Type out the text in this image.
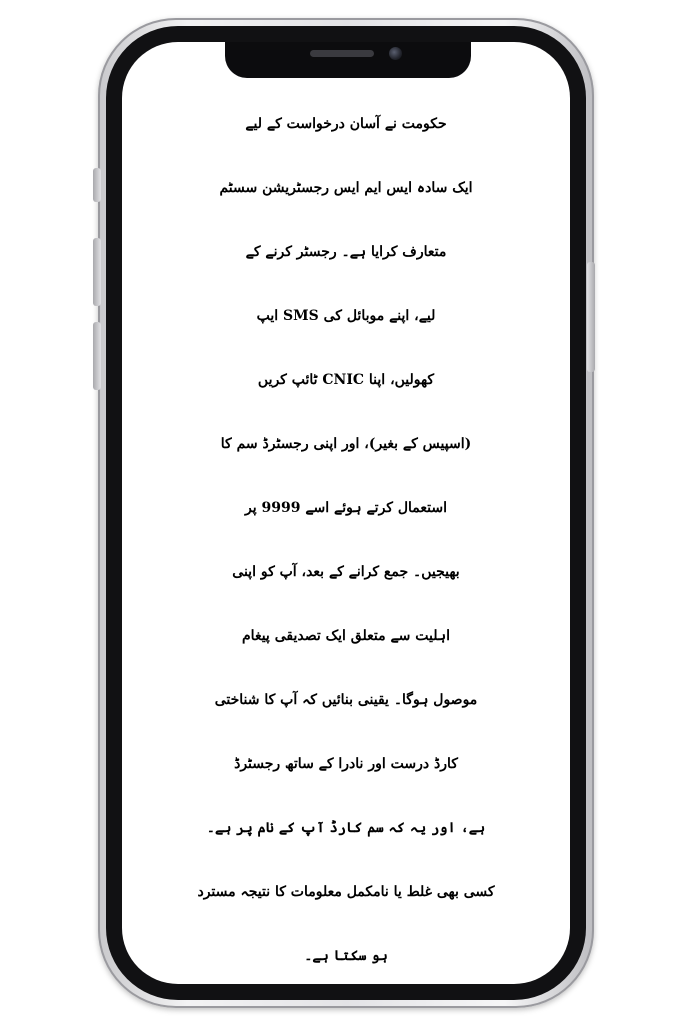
حکومت نے آسان درخواست کے لیے
ایک سادہ ایس ایم ایس رجسٹریشن سسٹم
متعارف کرایا ہے۔ رجسٹر کرنے کے
لیے، اپنے موبائل کی SMS ایپ
کھولیں، اپنا CNIC ٹائپ کریں
(اسپیس کے بغیر)، اور اپنی رجسٹرڈ سم کا
استعمال کرتے ہوئے اسے 9999 پر
بھیجیں۔ جمع کرانے کے بعد، آپ کو اپنی
اہلیت سے متعلق ایک تصدیقی پیغام
موصول ہوگا۔ یقینی بنائیں کہ آپ کا شناختی
کارڈ درست اور نادرا کے ساتھ رجسٹرڈ
ہے، اور یہ کہ سم کارڈ آپ کے نام پر ہے۔
کسی بھی غلط یا نامکمل معلومات کا نتیجہ مسترد
ہو سکتا ہے۔
